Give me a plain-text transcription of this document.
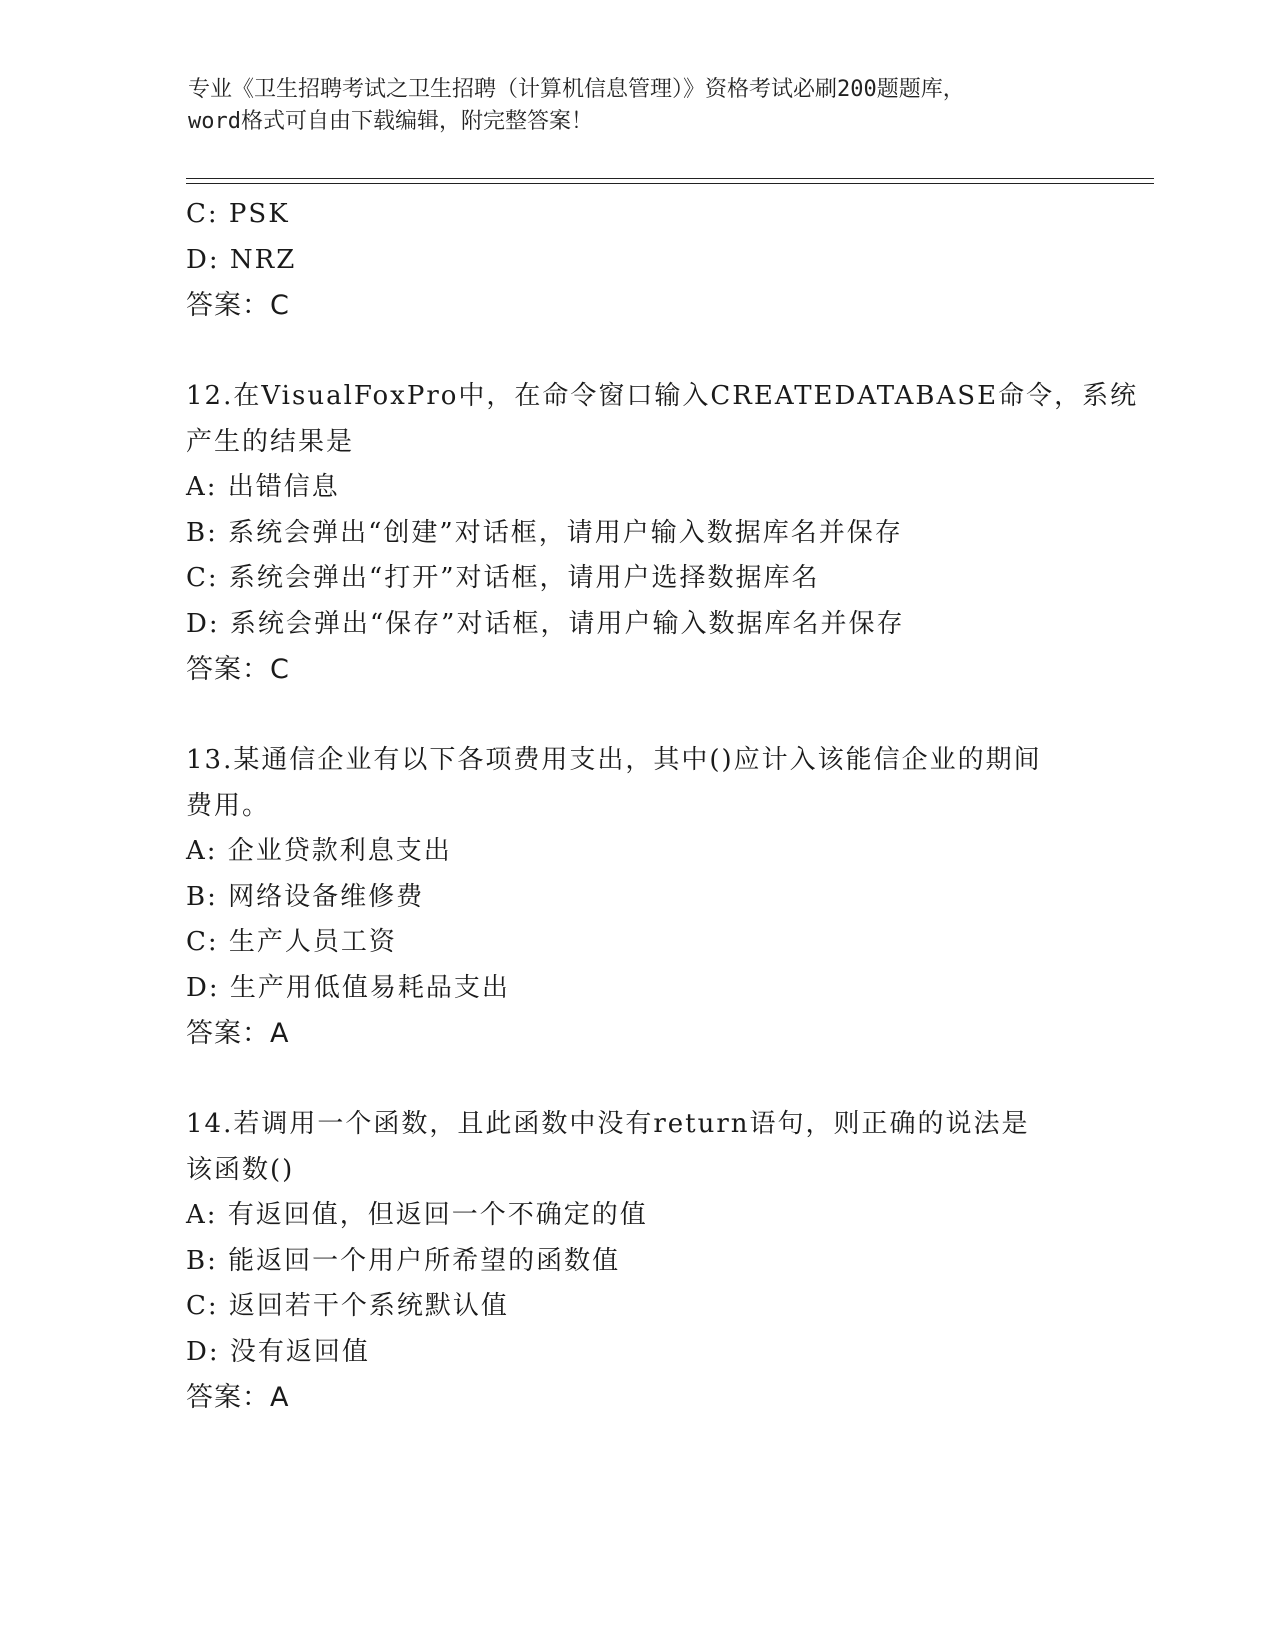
专业《卫生招聘考试之卫生招聘（计算机信息管理）》资格考试必刷200题题库，
word格式可自由下载编辑，附完整答案！
C: PSK
D: NRZ
答案：C
12.在VisualFoxPro中，在命令窗口输入CREATEDATABASE命令，系统
产生的结果是
A: 出错信息
B: 系统会弹出“创建”对话框，请用户输入数据库名并保存
C: 系统会弹出“打开”对话框，请用户选择数据库名
D: 系统会弹出“保存”对话框，请用户输入数据库名并保存
答案：C
13.某通信企业有以下各项费用支出，其中()应计入该能信企业的期间
费用。
A: 企业贷款利息支出
B: 网络设备维修费
C: 生产人员工资
D: 生产用低值易耗品支出
答案：A
14.若调用一个函数，且此函数中没有return语句，则正确的说法是
该函数()
A: 有返回值，但返回一个不确定的值
B: 能返回一个用户所希望的函数值
C: 返回若干个系统默认值
D: 没有返回值
答案：A
